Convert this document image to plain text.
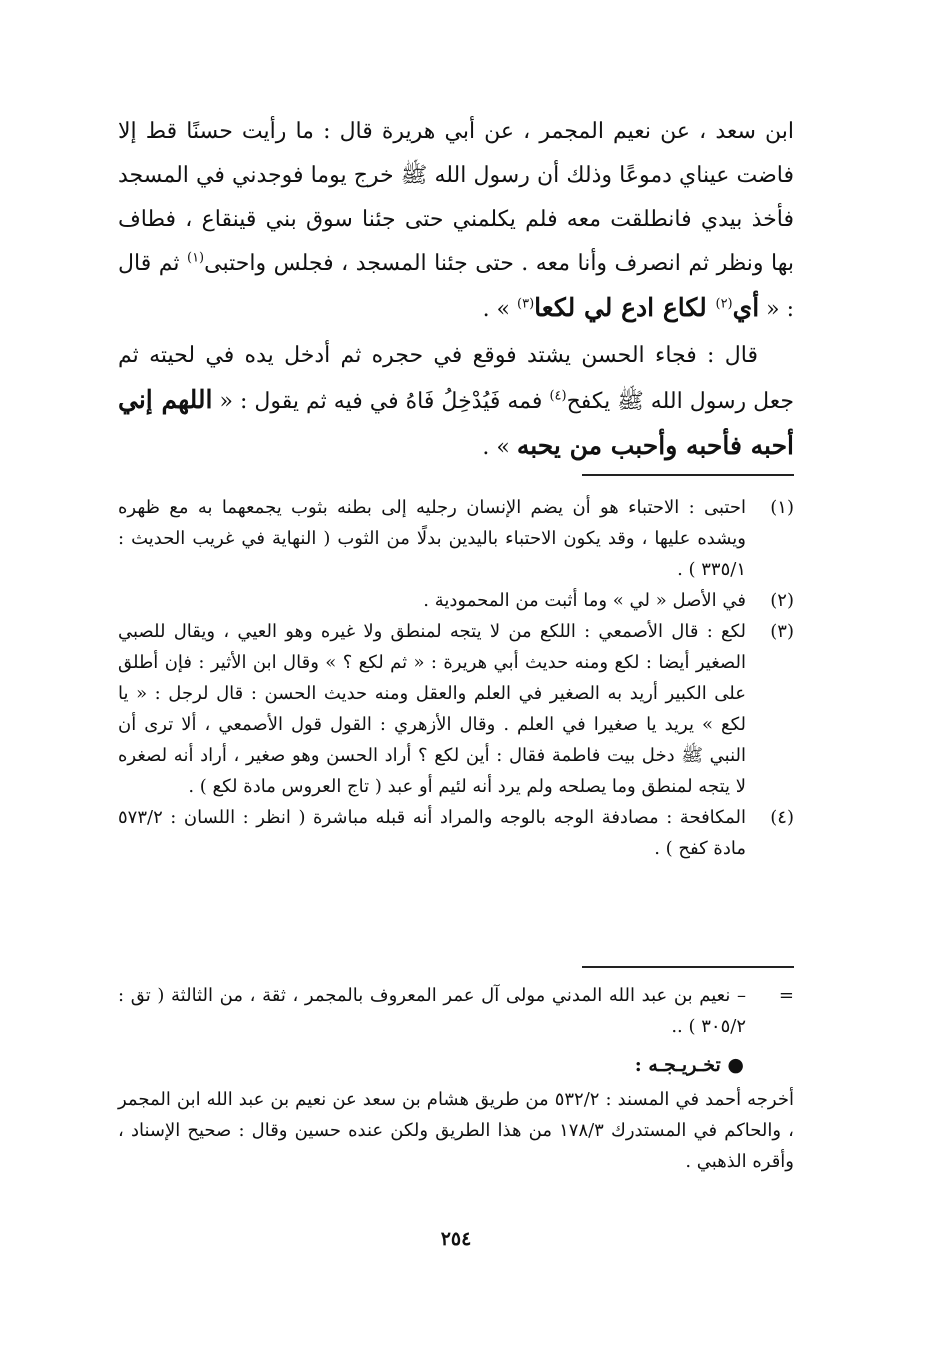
ابن سعد ، عن نعيم المجمر ، عن أبي هريرة قال : ما رأيت حسنًا قط إلا فاضت عيناي دموعًا وذلك أن رسول الله ﷺ خرج يوما فوجدني في المسجد فأخذ بيدي فانطلقت معه فلم يكلمني حتى جئنا سوق بني قينقاع ، فطاف بها ونظر ثم انصرف وأنا معه . حتى جئنا المسجد ، فجلس واحتبى$^{(١)}$ ثم قال : « أي$^{(٢)}$ لكاع ادع لي لكعا$^{(٣)}$ » .

قال : فجاء الحسن يشتد فوقع في حجره ثم أدخل يده في لحيته ثم جعل رسول الله ﷺ يكفح$^{(٤)}$ فمه فَيُدْخِلُ فَاهُ في فيه ثم يقول : « اللهم إني أحبه فأحبه وأحبب من يحبه » .

(١)
احتبى : الاحتباء هو أن يضم الإنسان رجليه إلى بطنه بثوب يجمعهما به مع ظهره ويشده عليها ، وقد يكون الاحتباء باليدين بدلًا من الثوب ( النهاية في غريب الحديث : ٣٣٥/١ ) .
(٢)
في الأصل « لي » وما أثبت من المحمودية .
(٣)
لكع : قال الأصمعي : اللكع من لا يتجه لمنطق ولا غيره وهو العيي ، ويقال للصبي الصغير أيضا : لكع ومنه حديث أبي هريرة : « ثم لكع ؟ » وقال ابن الأثير : فإن أطلق على الكبير أريد به الصغير في العلم والعقل ومنه حديث الحسن : قال لرجل : « يا لكع » يريد يا صغيرا في العلم . وقال الأزهري : القول قول الأصمعي ، ألا ترى أن النبي ﷺ دخل بيت فاطمة فقال : أين لكع ؟ أراد الحسن وهو صغير ، أراد أنه لصغره لا يتجه لمنطق وما يصلحه ولم يرد أنه لئيم أو عبد ( تاج العروس مادة لكع ) .
(٤)
المكافحة : مصادفة الوجه بالوجه والمراد أنه قبله مباشرة ( انظر : اللسان : ٥٧٣/٢ مادة كفح ) .
=
– نعيم بن عبد الله المدني مولى آل عمر المعروف بالمجمر ، ثقة ، من الثالثة ( تق : ٣٠٥/٢ ) ..
● تخـريـجـه :
أخرجه أحمد في المسند : ٥٣٢/٢ من طريق هشام بن سعد عن نعيم بن عبد الله ابن المجمر ، والحاكم في المستدرك ١٧٨/٣ من هذا الطريق ولكن عنده حسين وقال : صحيح الإسناد ، وأقره الذهبي .
٢٥٤
